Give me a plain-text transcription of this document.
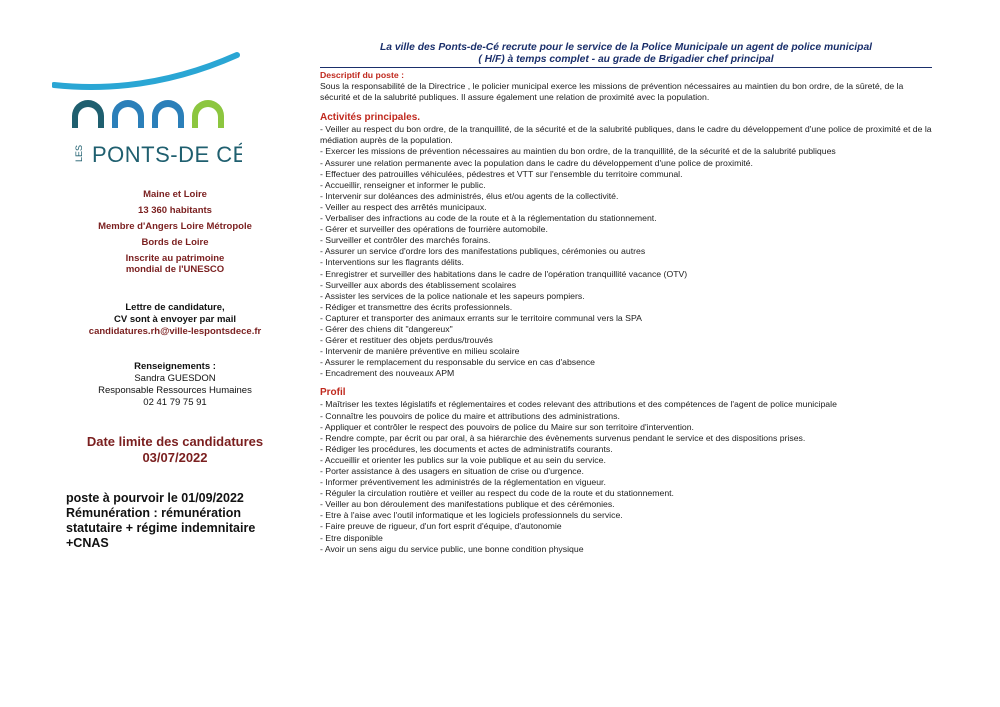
LES PONTS-DE CÉ
Maine et Loire
13 360 habitants
Membre d'Angers Loire Métropole
Bords de Loire
Inscrite au patrimoine
mondial de l'UNESCO
Lettre de candidature,
CV sont à envoyer par mail
candidatures.rh@ville-lespontsdece.fr
Renseignements :
Sandra GUESDON
Responsable Ressources Humaines
02 41 79 75 91
Date limite des candidatures
03/07/2022
poste à pourvoir le 01/09/2022
Rémunération : rémunération
statutaire + régime indemnitaire
+CNAS
La ville des Ponts-de-Cé recrute pour le service de la Police Municipale un agent de police municipal
( H/F) à temps complet - au grade de Brigadier chef principal
Descriptif du poste :
Sous la responsabilité de la Directrice , le policier municipal exerce les missions de prévention nécessaires au maintien du bon ordre, de la sûreté, de la sécurité et de la salubrité publiques. Il assure également une relation de proximité avec la population.
Activités principales.
- Veiller au respect du bon ordre, de la tranquillité, de la sécurité et de la salubrité publiques, dans le cadre du développement d'une police de proximité et de la médiation auprès de la population.
- Exercer les missions de prévention nécessaires au maintien du bon ordre, de la tranquillité, de la sécurité et de la salubrité publiques
- Assurer une relation permanente avec la population dans le cadre du développement d'une police de proximité.
- Effectuer des patrouilles véhiculées, pédestres et VTT sur l'ensemble du territoire communal.
- Accueillir, renseigner et informer le public.
- Intervenir sur doléances des administrés, élus et/ou agents de la collectivité.
- Veiller au respect des arrêtés municipaux.
- Verbaliser des infractions au code de la route et à la réglementation du stationnement.
- Gérer et surveiller des opérations de fourrière automobile.
- Surveiller et contrôler des marchés forains.
- Assurer un service d'ordre lors des manifestations publiques, cérémonies ou autres
- Interventions sur les flagrants délits.
- Enregistrer et surveiller des habitations dans le cadre de l'opération tranquillité vacance (OTV)
- Surveiller aux abords des établissement scolaires
- Assister les services de la police nationale et les sapeurs pompiers.
- Rédiger et transmettre des écrits professionnels.
- Capturer et transporter des animaux errants sur le territoire communal vers la SPA
- Gérer des chiens dit "dangereux"
- Gérer et restituer des objets perdus/trouvés
- Intervenir de manière préventive en milieu scolaire
- Assurer le remplacement du responsable du service en cas d'absence
- Encadrement des nouveaux APM
Profil
- Maîtriser les textes législatifs et réglementaires et codes relevant des attributions et des compétences de l'agent de police municipale
- Connaître les pouvoirs de police du maire et attributions des administrations.
- Appliquer et contrôler le respect des pouvoirs de police du Maire sur son territoire d'intervention.
- Rendre compte, par écrit ou par oral, à sa hiérarchie des évènements survenus pendant le service et des dispositions prises.
- Rédiger les procédures, les documents et actes de administratifs courants.
- Accueillir et orienter les publics sur la voie publique et au sein du service.
- Porter assistance à des usagers en situation de crise ou d'urgence.
- Informer préventivement les administrés de la réglementation en vigueur.
- Réguler la circulation routière et veiller au respect du code de la route et du stationnement.
- Veiller au bon déroulement des manifestations publique et des cérémonies.
- Etre à l'aise avec l'outil informatique et les logiciels professionnels du service.
- Faire preuve de rigueur, d'un fort esprit d'équipe, d'autonomie
- Etre disponible
- Avoir un sens aigu du service public, une bonne condition physique
